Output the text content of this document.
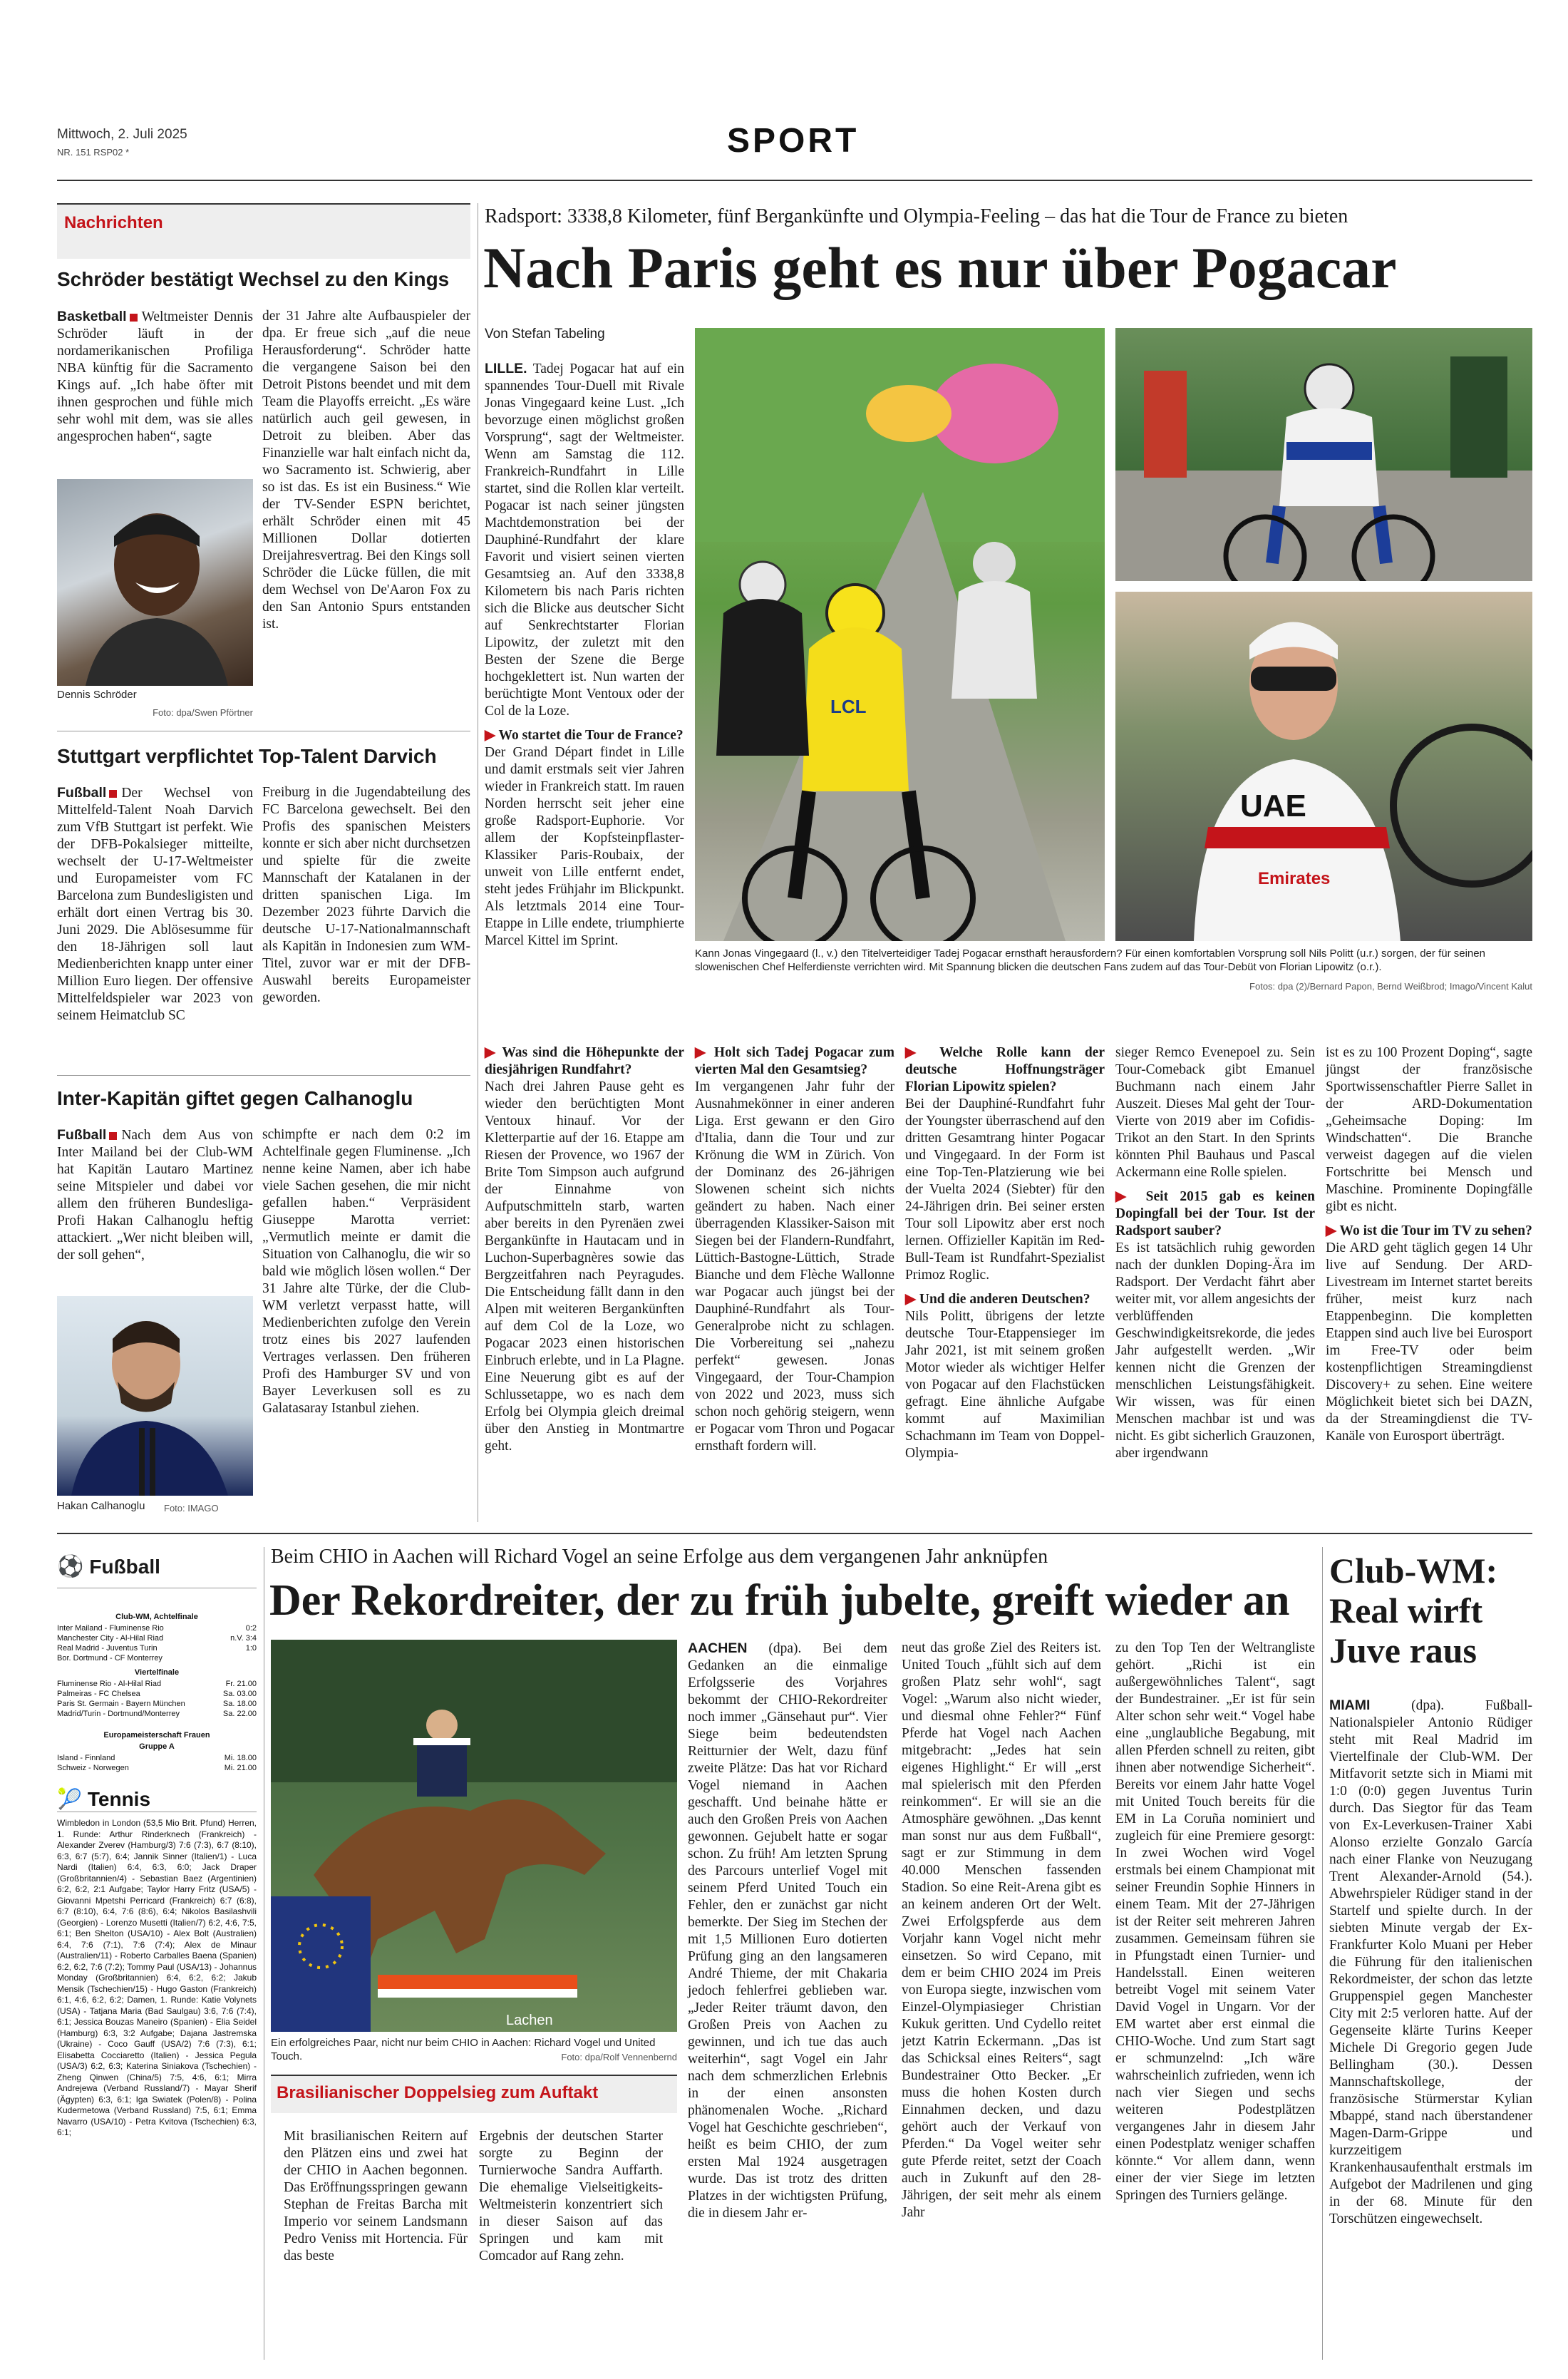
Mittwoch, 2. Juli 2025
NR. 151 RSP02 *	SPORT
Nachrichten
Schröder bestätigt Wechsel zu den Kings
Basketball Weltmeister Dennis Schröder läuft in der nordamerikanischen Profiliga NBA künftig für die Sacramento Kings auf. „Ich habe öfter mit ihnen gesprochen und fühle mich sehr wohl mit dem, was sie alles angesprochen haben“, sagte
Dennis Schröder
Foto: dpa/Swen Pförtner
der 31 Jahre alte Aufbauspieler der dpa. Er freue sich „auf die neue Herausforderung“. Schröder hatte die vergangene Saison bei den Detroit Pistons beendet und mit dem Team die Playoffs erreicht. „Es wäre natürlich auch geil gewesen, in Detroit zu bleiben. Aber das Finanzielle war halt einfach nicht da, wo Sacramento ist. Schwierig, aber so ist das. Es ist ein Business.“ Wie der TV-Sender ESPN berichtet, erhält Schröder einen mit 45 Millionen Dollar dotierten Dreijahresvertrag. Bei den Kings soll Schröder die Lücke füllen, die mit dem Wechsel von De'Aaron Fox zu den San Antonio Spurs entstanden ist.
Stuttgart verpflichtet Top-Talent Darvich
Fußball Der Wechsel von Mittelfeld-Talent Noah Darvich zum VfB Stuttgart ist perfekt. Wie der DFB-Pokalsieger mitteilte, wechselt der U-17-Weltmeister und Europameister vom FC Barcelona zum Bundesligisten und erhält dort einen Vertrag bis 30. Juni 2029. Die Ablösesumme für den 18-Jährigen soll laut Medienberichten knapp unter einer Million Euro liegen. Der offensive Mittelfeldspieler war 2023 von seinem Heimatclub SC
Freiburg in die Jugendabteilung des FC Barcelona gewechselt. Bei den Profis des spanischen Meisters konnte er sich aber nicht durchsetzen und spielte für die zweite Mannschaft der Katalanen in der dritten spanischen Liga. Im Dezember 2023 führte Darvich die deutsche U-17-Nationalmannschaft als Kapitän in Indonesien zum WM-Titel, zuvor war er mit der DFB-Auswahl bereits Europameister geworden.
Inter-Kapitän giftet gegen Calhanoglu
Fußball Nach dem Aus von Inter Mailand bei der Club-WM hat Kapitän Lautaro Martinez seine Mitspieler und dabei vor allem den früheren Bundesliga-Profi Hakan Calhanoglu heftig attackiert. „Wer nicht bleiben will, der soll gehen“,
Hakan Calhanoglu	Foto: IMAGO
schimpfte er nach dem 0:2 im Achtelfinale gegen Fluminense. „Ich nenne keine Namen, aber ich habe viele Sachen gesehen, die mir nicht gefallen haben.“ Verpräsident Giuseppe Marotta verriet: „Vermutlich meinte er damit die Situation von Calhanoglu, die wir so bald wie möglich lösen wollen.“ Der 31 Jahre alte Türke, der die Club-WM verletzt verpasst hatte, will Medienberichten zufolge den Verein trotz eines bis 2027 laufenden Vertrages verlassen. Den früheren Profi des Hamburger SV und von Bayer Leverkusen soll es zu Galatasaray Istanbul ziehen.
Radsport: 3338,8 Kilometer, fünf Bergankünfte und Olympia-Feeling – das hat die Tour de France zu bieten
Nach Paris geht es nur über Pogacar
Von Stefan Tabeling

LILLE. Tadej Pogacar hat auf ein spannendes Tour-Duell mit Rivale Jonas Vingegaard keine Lust. „Ich bevorzuge einen möglichst großen Vorsprung“, sagt der Weltmeister. Wenn am Samstag die 112. Frankreich-Rundfahrt in Lille startet, sind die Rollen klar verteilt. Pogacar ist nach seiner jüngsten Machtdemonstration bei der Dauphiné-Rundfahrt der klare Favorit und visiert seinen vierten Gesamtsieg an. Auf den 3338,8 Kilometern bis nach Paris richten sich die Blicke aus deutscher Sicht auf Senkrechtstarter Florian Lipowitz, der zuletzt mit den Besten der Szene die Berge hochgeklettert ist. Nun warten der berüchtigte Mont Ventoux oder der Col de la Loze.

▶ Wo startet die Tour de France?

Der Grand Départ findet in Lille und damit erstmals seit vier Jahren wieder in Frankreich statt. Im rauen Norden herrscht seit jeher eine große Radsport-Euphorie. Vor allem der Kopfsteinpflaster-Klassiker Paris-Roubaix, der unweit von Lille entfernt endet, steht jedes Frühjahr im Blickpunkt. Als letztmals 2014 eine Tour-Etappe in Lille endete, triumphierte Marcel Kittel im Sprint.

LCL
UAE
Emirates
Kann Jonas Vingegaard (l., v.) den Titelverteidiger Tadej Pogacar ernsthaft herausfordern? Für einen komfortablen Vorsprung soll Nils Politt (u.r.) sorgen, der für seinen slowenischen Chef Helferdienste verrichten wird. Mit Spannung blicken die deutschen Fans zudem auf das Tour-Debüt von Florian Lipowitz (o.r.).
Fotos: dpa (2)/Bernard Papon, Bernd Weißbrod; Imago/Vincent Kalut

▶ Was sind die Höhepunkte der diesjährigen Rundfahrt?

Nach drei Jahren Pause geht es wieder den berüchtigten Mont Ventoux hinauf. Vor der Kletterpartie auf der 16. Etappe am Riesen der Provence, wo 1967 der Brite Tom Simpson auch aufgrund der Einnahme von Aufputschmitteln starb, warten aber bereits in den Pyrenäen zwei Bergankünfte in Hautacam und in Luchon-Superbagnères sowie das Bergzeitfahren nach Peyragudes. Die Entscheidung fällt dann in den Alpen mit weiteren Bergankünften auf dem Col de la Loze, wo Pogacar 2023 einen historischen Einbruch erlebte, und in La Plagne. Eine Neuerung gibt es auf der Schlussetappe, wo es nach dem Erfolg bei Olympia gleich dreimal über den Anstieg in Montmartre geht.

▶ Holt sich Tadej Pogacar zum vierten Mal den Gesamtsieg?

Im vergangenen Jahr fuhr der Ausnahmekönner in einer anderen Liga. Erst gewann er den Giro d'Italia, dann die Tour und zur Krönung die WM in Zürich. Von der Dominanz des 26-jährigen Slowenen scheint sich nichts geändert zu haben. Nach einer überragenden Klassiker-Saison mit Siegen bei der Flandern-Rundfahrt, Lüttich-Bastogne-Lüttich, Strade Bianche und dem Flèche Wallonne war Pogacar auch jüngst bei der Dauphiné-Rundfahrt als Tour-Generalprobe nicht zu schlagen. Die Vorbereitung sei „nahezu perfekt“ gewesen. Jonas Vingegaard, der Tour-Champion von 2022 und 2023, muss sich schon noch gehörig steigern, wenn er Pogacar vom Thron und Pogacar ernsthaft fordern will.

▶ Welche Rolle kann der deutsche Hoffnungsträger Florian Lipowitz spielen?

Bei der Dauphiné-Rundfahrt fuhr der Youngster überraschend auf den dritten Gesamtrang hinter Pogacar und Vingegaard. In der Form ist eine Top-Ten-Platzierung wie bei der Vuelta 2024 (Siebter) für den 24-Jährigen drin. Bei seiner ersten Tour soll Lipowitz aber erst noch lernen. Offizieller Kapitän im Red-Bull-Team ist Rundfahrt-Spezialist Primoz Roglic.

▶ Und die anderen Deutschen?

Nils Politt, übrigens der letzte deutsche Tour-Etappensieger im Jahr 2021, ist mit seinem großen Motor wieder als wichtiger Helfer von Pogacar auf den Flachstücken gefragt. Eine ähnliche Aufgabe kommt auf Maximilian Schachmann im Team von Doppel-Olympia-

sieger Remco Evenepoel zu. Sein Tour-Comeback gibt Emanuel Buchmann nach einem Jahr Auszeit. Dieses Mal geht der Tour-Vierte von 2019 aber im Cofidis-Trikot an den Start. In den Sprints könnten Phil Bauhaus und Pascal Ackermann eine Rolle spielen.

▶ Seit 2015 gab es keinen Dopingfall bei der Tour. Ist der Radsport sauber?

Es ist tatsächlich ruhig geworden nach der dunklen Doping-Ära im Radsport. Der Verdacht fährt aber weiter mit, vor allem angesichts der verblüffenden Geschwindigkeitsrekorde, die jedes Jahr aufgestellt werden. „Wir kennen nicht die Grenzen der menschlichen Leistungsfähigkeit. Wir wissen, was für einen Menschen machbar ist und was nicht. Es gibt sicherlich Grauzonen, aber irgendwann

ist es zu 100 Prozent Doping“, sagte jüngst der französische Sportwissenschaftler Pierre Sallet in der ARD-Dokumentation „Geheimsache Doping: Im Windschatten“. Die Branche verweist dagegen auf die vielen Fortschritte bei Mensch und Maschine. Prominente Dopingfälle gibt es nicht.

▶ Wo ist die Tour im TV zu sehen?

Die ARD geht täglich gegen 14 Uhr live auf Sendung. Der ARD-Livestream im Internet startet bereits früher, meist kurz nach Etappenbeginn. Die kompletten Etappen sind auch live bei Eurosport im Free-TV oder beim kostenpflichtigen Streamingdienst Discovery+ zu sehen. Eine weitere Möglichkeit bietet sich bei DAZN, da der Streamingdienst die TV-Kanäle von Eurosport überträgt.

⚽ Fußball
Club-WM, Achtelfinale
Inter Mailand - Fluminense Rio	0:2
Manchester City - Al-Hilal Riad	n.V. 3:4
Real Madrid - Juventus Turin	1:0
Bor. Dortmund - CF Monterrey
Viertelfinale
Fluminense Rio - Al-Hilal Riad	Fr. 21.00
Palmeiras - FC Chelsea	Sa. 03.00
Paris St. Germain - Bayern München	Sa. 18.00
Madrid/Turin - Dortmund/Monterrey	Sa. 22.00
Europameisterschaft Frauen
Gruppe A
Island - Finnland	Mi. 18.00
Schweiz - Norwegen	Mi. 21.00
🎾 Tennis
Wimbledon in London (53,5 Mio Brit. Pfund) Herren, 1. Runde: Arthur Rinderknech (Frankreich) - Alexander Zverev (Hamburg/3) 7:6 (7:3), 6:7 (8:10), 6:3, 6:7 (5:7), 6:4; Jannik Sinner (Italien/1) - Luca Nardi (Italien) 6:4, 6:3, 6:0; Jack Draper (Großbritannien/4) - Sebastian Baez (Argentinien) 6:2, 6:2, 2:1 Aufgabe; Taylor Harry Fritz (USA/5) - Giovanni Mpetshi Perricard (Frankreich) 6:7 (6:8), 6:7 (8:10), 6:4, 7:6 (8:6), 6:4; Nikolos Basilashvili (Georgien) - Lorenzo Musetti (Italien/7) 6:2, 4:6, 7:5, 6:1; Ben Shelton (USA/10) - Alex Bolt (Australien) 6:4, 7:6 (7:1), 7:6 (7:4); Alex de Minaur (Australien/11) - Roberto Carballes Baena (Spanien) 6:2, 6:2, 7:6 (7:2); Tommy Paul (USA/13) - Johannus Monday (Großbritannien) 6:4, 6:2, 6:2; Jakub Mensik (Tschechien/15) - Hugo Gaston (Frankreich) 6:1, 4:6, 6:2, 6:2; Damen, 1. Runde: Katie Volynets (USA) - Tatjana Maria (Bad Saulgau) 3:6, 7:6 (7:4), 6:1; Jessica Bouzas Maneiro (Spanien) - Elia Seidel (Hamburg) 6:3, 3:2 Aufgabe; Dajana Jastremska (Ukraine) - Coco Gauff (USA/2) 7:6 (7:3), 6:1; Elisabetta Cocciaretto (Italien) - Jessica Pegula (USA/3) 6:2, 6:3; Katerina Siniakova (Tschechien) - Zheng Qinwen (China/5) 7:5, 4:6, 6:1; Mirra Andrejewa (Verband Russland/7) - Mayar Sherif (Ägypten) 6:3, 6:1; Iga Swiatek (Polen/8) - Polina Kudermetowa (Verband Russland) 7:5, 6:1; Emma Navarro (USA/10) - Petra Kvitova (Tschechien) 6:3, 6:1;
Beim CHIO in Aachen will Richard Vogel an seine Erfolge aus dem vergangenen Jahr anknüpfen
Der Rekordreiter, der zu früh jubelte, greift wieder an
Lachen
Ein erfolgreiches Paar, nicht nur beim CHIO in Aachen: Richard Vogel und United Touch.	Foto: dpa/Rolf Vennenbernd
Brasilianischer Doppelsieg zum Auftakt
Mit brasilianischen Reitern auf den Plätzen eins und zwei hat der CHIO in Aachen begonnen. Das Eröffnungsspringen gewann Stephan de Freitas Barcha mit Imperio vor seinem Landsmann Pedro Veniss mit Hortencia. Für das beste
Ergebnis der deutschen Starter sorgte zu Beginn der Turnierwoche Sandra Auffarth. Die ehemalige Vielseitigkeits-Weltmeisterin konzentriert sich in dieser Saison auf das Springen und kam mit Comcador auf Rang zehn.
AACHEN (dpa). Bei dem Gedanken an die einmalige Erfolgsserie des Vorjahres bekommt der CHIO-Rekordreiter noch immer „Gänsehaut pur“. Vier Siege beim bedeutendsten Reitturnier der Welt, dazu fünf zweite Plätze: Das hat vor Richard Vogel niemand in Aachen geschafft. Und beinahe hätte er auch den Großen Preis von Aachen gewonnen. Gejubelt hatte er sogar schon. Zu früh! Am letzten Sprung des Parcours unterlief Vogel mit seinem Pferd United Touch ein Fehler, den er zunächst gar nicht bemerkte. Der Sieg im Stechen der mit 1,5 Millionen Euro dotierten Prüfung ging an den langsameren André Thieme, der mit Chakaria jedoch fehlerfrei geblieben war. „Jeder Reiter träumt davon, den Großen Preis von Aachen zu gewinnen, und ich tue das auch weiterhin“, sagt Vogel ein Jahr nach dem schmerzlichen Erlebnis in der einen ansonsten phänomenalen Woche. „Richard Vogel hat Geschichte geschrieben“, heißt es beim CHIO, der zum ersten Mal 1924 ausgetragen wurde. Das ist trotz des dritten Platzes in der wichtigsten Prüfung, die in diesem Jahr er-
neut das große Ziel des Reiters ist. United Touch „fühlt sich auf dem großen Platz sehr wohl“, sagt Vogel: „Warum also nicht wieder, und diesmal ohne Fehler?“ Fünf Pferde hat Vogel nach Aachen mitgebracht: „Jedes hat sein eigenes Highlight.“ Er will „erst mal spielerisch mit den Pferden reinkommen“. Er will sie an die Atmosphäre gewöhnen. „Das kennt man sonst nur aus dem Fußball“, sagt er zur Stimmung in dem 40.000 Menschen fassenden Stadion. So eine Reit-Arena gibt es an keinem anderen Ort der Welt. Zwei Erfolgspferde aus dem Vorjahr kann Vogel nicht mehr einsetzen. So wird Cepano, mit dem er beim CHIO 2024 im Preis von Europa siegte, inzwischen vom Einzel-Olympiasieger Christian Kukuk geritten. Und Cydello reitet jetzt Katrin Eckermann. „Das ist das Schicksal eines Reiters“, sagt Bundestrainer Otto Becker. „Er muss die hohen Kosten durch Einnahmen decken, und dazu gehört auch der Verkauf von Pferden.“ Da Vogel weiter sehr gute Pferde reitet, setzt der Coach auch in Zukunft auf den 28-Jährigen, der seit mehr als einem Jahr
zu den Top Ten der Weltrangliste gehört. „Richi ist ein außergewöhnliches Talent“, sagt der Bundestrainer. „Er ist für sein Alter schon sehr weit.“ Vogel habe eine „unglaubliche Begabung, mit allen Pferden schnell zu reiten, gibt ihnen aber notwendige Sicherheit“. Bereits vor einem Jahr hatte Vogel mit United Touch bereits für die EM in La Coruña nominiert und zugleich für eine Premiere gesorgt: In zwei Wochen wird Vogel erstmals bei einem Championat mit seiner Freundin Sophie Hinners in einem Team. Mit der 27-Jährigen ist der Reiter seit mehreren Jahren zusammen. Gemeinsam führen sie in Pfungstadt einen Turnier- und Handelsstall. Einen weiteren betreibt Vogel mit seinem Vater David Vogel in Ungarn. Vor der EM wartet aber erst einmal die CHIO-Woche. Und zum Start sagt er schmunzelnd: „Ich wäre wahrscheinlich zufrieden, wenn ich nach vier Siegen und sechs weiteren Podestplätzen vergangenes Jahr in diesem Jahr einen Podestplatz weniger schaffen könnte.“ Vor allem dann, wenn einer der vier Siege im letzten Springen des Turniers gelänge.
Club-WM: Real wirft Juve raus
MIAMI	(dpa). Fußball-Nationalspieler Antonio Rüdiger steht mit Real Madrid im Viertelfinale der Club-WM. Der Mitfavorit setzte sich in Miami mit 1:0 (0:0) gegen Juventus Turin durch. Das Siegtor für das Team von Ex-Leverkusen-Trainer Xabi Alonso erzielte Gonzalo García nach einer Flanke von Neuzugang Trent Alexander-Arnold (54.). Abwehrspieler Rüdiger stand in der Startelf und spielte durch. In der siebten Minute vergab der Ex-Frankfurter Kolo Muani per Heber die Führung für den italienischen Rekordmeister, der schon das letzte Gruppenspiel gegen Manchester City mit 2:5 verloren hatte. Auf der Gegenseite klärte Turins Keeper Michele Di Gregorio gegen Jude Bellingham (30.). Dessen Mannschaftskollege, der französische Stürmerstar Kylian Mbappé, stand nach überstandener Magen-Darm-Grippe und kurzzeitigem Krankenhausaufenthalt erstmals im Aufgebot der Madrilenen und ging in der 68. Minute für den Torschützen eingewechselt.
